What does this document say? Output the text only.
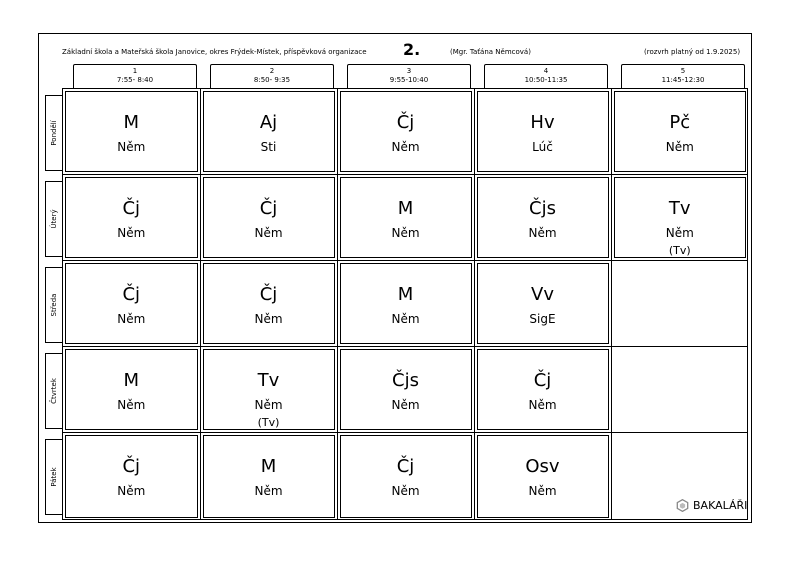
Základní škola a Mateřská škola Janovice, okres Frýdek-Místek, příspěvková organizace 2.	(Mgr. Taťána Němcová)	(rozvrh platný od 1.9.2025)
1
7:55- 8:40
2
8:50- 9:35
3
9:55-10:40
4
10:50-11:35
5
11:45-12:30
Pondělí
Úterý
Středa
Čtvrtek
Pátek
M
Něm
Aj
Sti
Čj
Něm
Hv
Lúč
Pč
Něm
Čj
Něm
Čj
Něm
M
Něm
Čjs
Něm
Tv
Něm
(Tv)
Čj
Něm
Čj
Něm
M
Něm
Vv
SigE
M
Něm
Tv
Něm
(Tv)
Čjs
Něm
Čj
Něm
Čj
Něm
M
Něm
Čj
Něm
Osv
Něm
BAKALÁŘI
